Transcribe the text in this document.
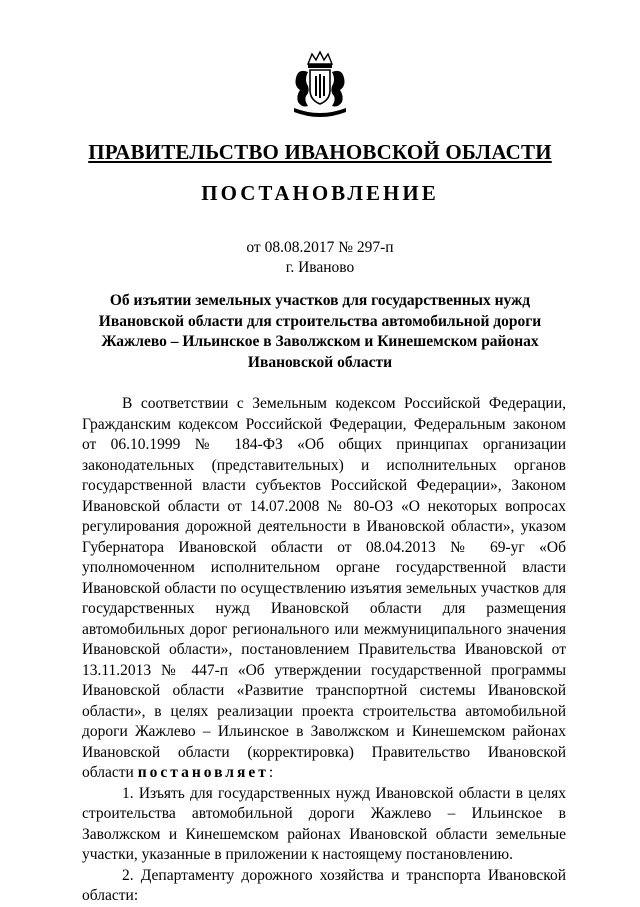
ПРАВИТЕЛЬСТВО ИВАНОВСКОЙ ОБЛАСТИ
ПОСТАНОВЛЕНИЕ
от 08.08.2017 № 297-п
г. Иваново
Об изъятии земельных участков для государственных нужд Ивановской области для строительства автомобильной дороги Жажлево – Ильинское в Заволжском и Кинешемском районах Ивановской области

В соответствии с Земельным кодексом Российской Федерации, Гражданским кодексом Российской Федерации, Федеральным законом от 06.10.1999 № 184-ФЗ «Об общих принципах организации законодательных (представительных) и исполнительных органов государственной власти субъектов Российской Федерации», Законом Ивановской области от 14.07.2008 № 80-ОЗ «О некоторых вопросах регулирования дорожной деятельности в Ивановской области», указом Губернатора Ивановской области от 08.04.2013 № 69-уг «Об уполномоченном исполнительном органе государственной власти Ивановской области по осуществлению изъятия земельных участков для государственных нужд Ивановской области для размещения автомобильных дорог регионального или межмуниципального значения Ивановской области», постановлением Правительства Ивановской от 13.11.2013 № 447-п «Об утверждении государственной программы Ивановской области «Развитие транспортной системы Ивановской области», в целях реализации проекта строительства автомобильной дороги Жажлево – Ильинское в Заволжском и Кинешемском районах Ивановской области (корректировка) Правительство Ивановской области постановляет:

1. Изъять для государственных нужд Ивановской области в целях строительства автомобильной дороги Жажлево – Ильинское в Заволжском и Кинешемском районах Ивановской области земельные участки, указанные в приложении к настоящему постановлению.

2. Департаменту дорожного хозяйства и транспорта Ивановской области:
